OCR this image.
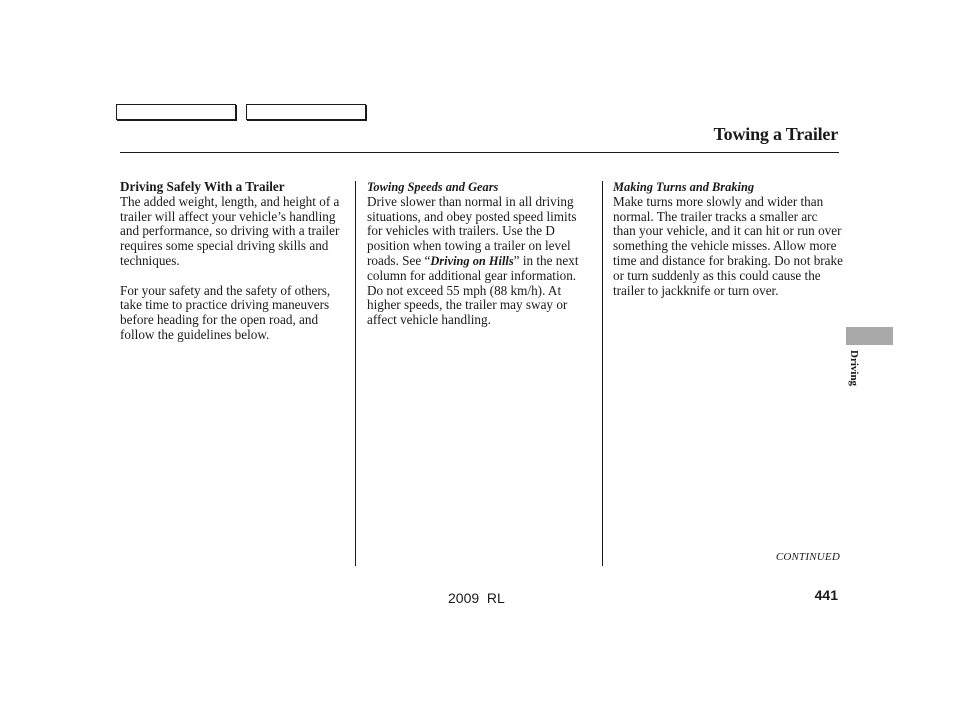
Towing a Trailer

Driving Safely With a Trailer
The added weight, length, and height of a trailer will affect your vehicle’s handling and performance, so driving with a trailer requires some special driving skills and techniques.

For your safety and the safety of others, take time to practice driving maneuvers before heading for the open road, and follow the guidelines below.

Towing Speeds and Gears
Drive slower than normal in all driving situations, and obey posted speed limits for vehicles with trailers. Use the D position when towing a trailer on level roads. See “Driving on Hills” in the next column for additional gear information. Do not exceed 55 mph (88 km/h). At higher speeds, the trailer may sway or affect vehicle handling.

Making Turns and Braking
Make turns more slowly and wider than normal. The trailer tracks a smaller arc than your vehicle, and it can hit or run over something the vehicle misses. Allow more time and distance for braking. Do not brake or turn suddenly as this could cause the trailer to jackknife or turn over.

Driving
CONTINUED
441
2009  RL
